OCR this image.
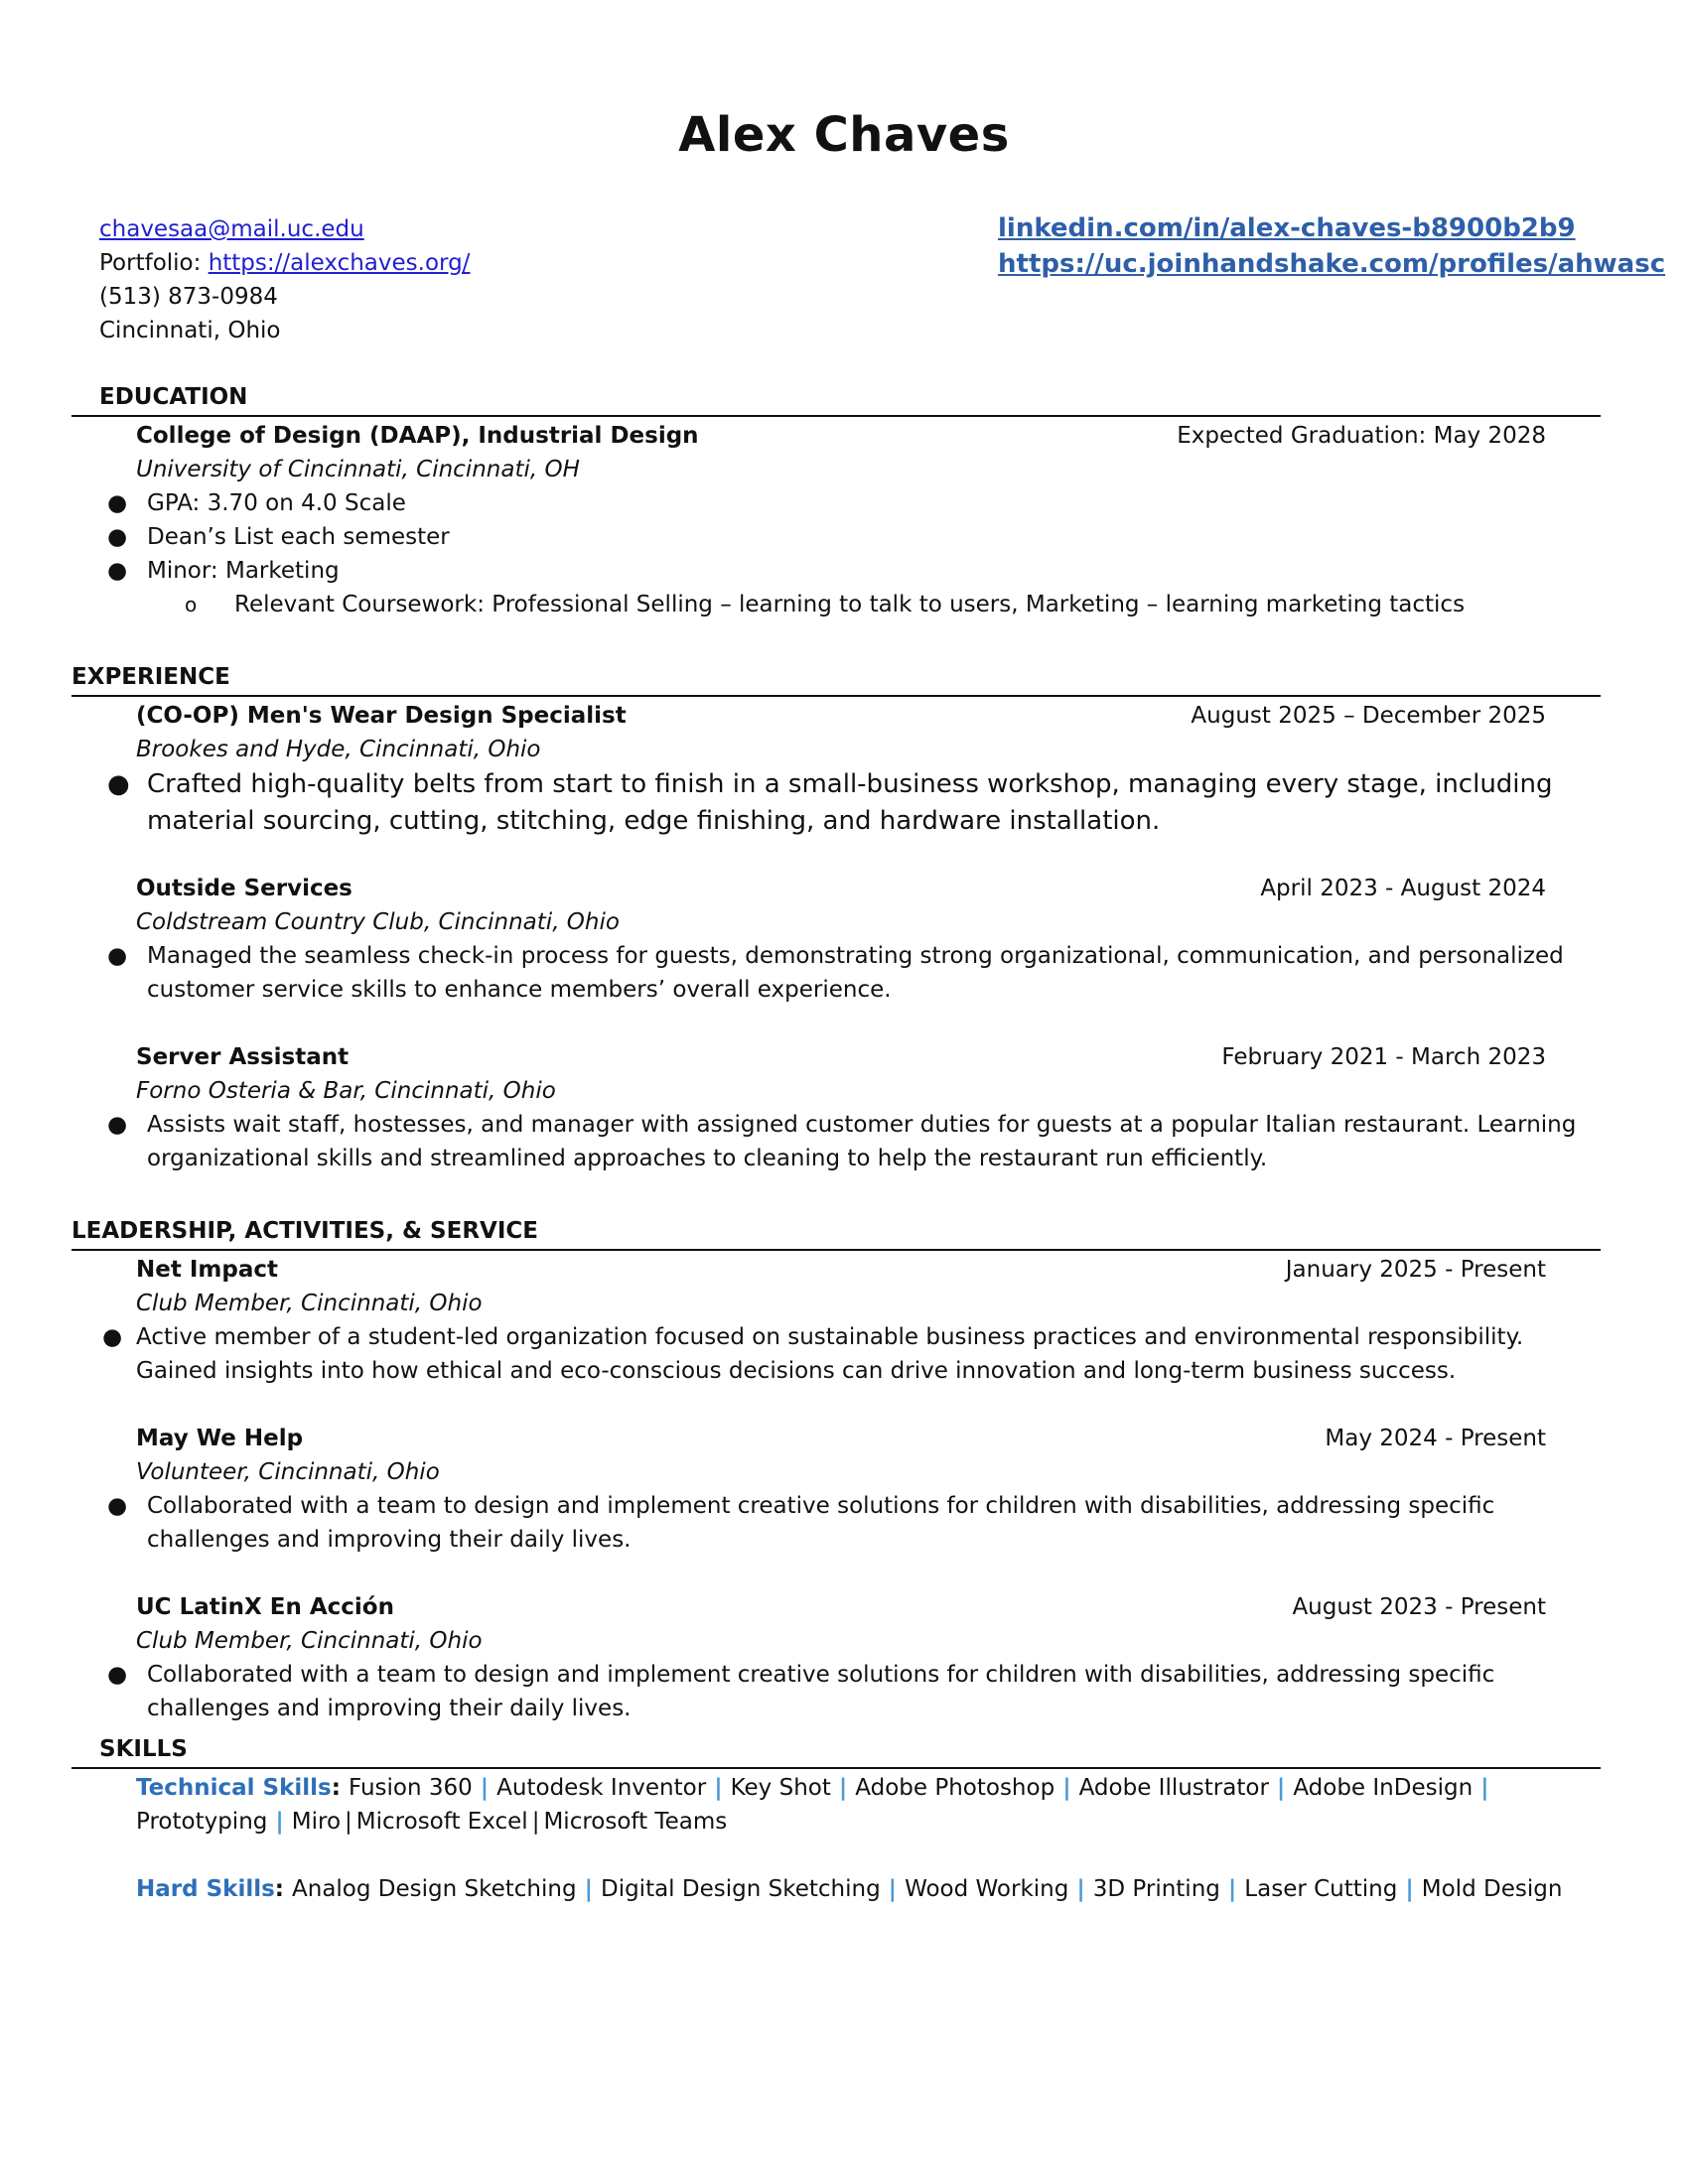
Alex Chaves
chavesaa@mail.uc.edu
Portfolio: https://alexchaves.org/
(513) 873-0984
Cincinnati, Ohio
linkedin.com/in/alex-chaves-b8900b2b9
https://uc.joinhandshake.com/profiles/ahwasc
EDUCATION
College of Design (DAAP), Industrial Design	Expected Graduation: May 2028
University of Cincinnati, Cincinnati, OH
● GPA: 3.70 on 4.0 Scale
● Dean’s List each semester
● Minor: Marketing
o Relevant Coursework: Professional Selling – learning to talk to users, Marketing – learning marketing tactics
EXPERIENCE
(CO-OP) Men's Wear Design Specialist	August 2025 – December 2025
Brookes and Hyde, Cincinnati, Ohio
● Crafted high-quality belts from start to finish in a small-business workshop, managing every stage, including material sourcing, cutting, stitching, edge finishing, and hardware installation.
Outside Services	April 2023 - August 2024
Coldstream Country Club, Cincinnati, Ohio
● Managed the seamless check-in process for guests, demonstrating strong organizational, communication, and personalized customer service skills to enhance members’ overall experience.
Server Assistant	February 2021 - March 2023
Forno Osteria & Bar, Cincinnati, Ohio
● Assists wait staff, hostesses, and manager with assigned customer duties for guests at a popular Italian restaurant. Learning organizational skills and streamlined approaches to cleaning to help the restaurant run efficiently.
LEADERSHIP, ACTIVITIES, & SERVICE
Net Impact	January 2025 - Present
Club Member, Cincinnati, Ohio
● Active member of a student-led organization focused on sustainable business practices and environmental responsibility. Gained insights into how ethical and eco-conscious decisions can drive innovation and long-term business success.
May We Help	May 2024 - Present
Volunteer, Cincinnati, Ohio
● Collaborated with a team to design and implement creative solutions for children with disabilities, addressing specific challenges and improving their daily lives.
UC LatinX En Acción	August 2023 - Present
Club Member, Cincinnati, Ohio
● Collaborated with a team to design and implement creative solutions for children with disabilities, addressing specific challenges and improving their daily lives.
SKILLS
Technical Skills: Fusion 360 | Autodesk Inventor | Key Shot | Adobe Photoshop | Adobe Illustrator | Adobe InDesign |
Prototyping | Miro | Microsoft Excel | Microsoft Teams
Hard Skills: Analog Design Sketching | Digital Design Sketching | Wood Working | 3D Printing | Laser Cutting | Mold Design
